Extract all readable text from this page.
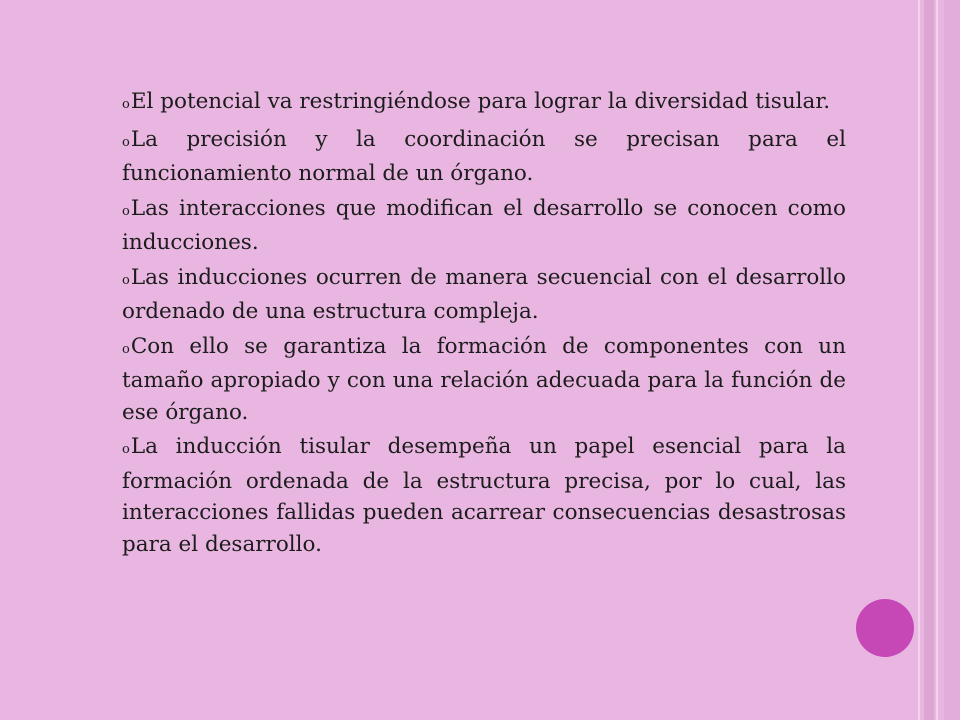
oEl potencial va restringiéndose para lograr la diversidad tisular.
oLa precisión y la coordinación se precisan para el funcionamiento normal de un órgano.
oLas interacciones que modifican el desarrollo se conocen como inducciones.
oLas inducciones ocurren de manera secuencial con el desarrollo ordenado de una estructura compleja.
oCon ello se garantiza la formación de componentes con un tamaño apropiado y con una relación adecuada para la función de ese órgano.
oLa inducción tisular desempeña un papel esencial para la formación ordenada de la estructura precisa, por lo cual, las interacciones fallidas pueden acarrear consecuencias desastrosas para el desarrollo.
